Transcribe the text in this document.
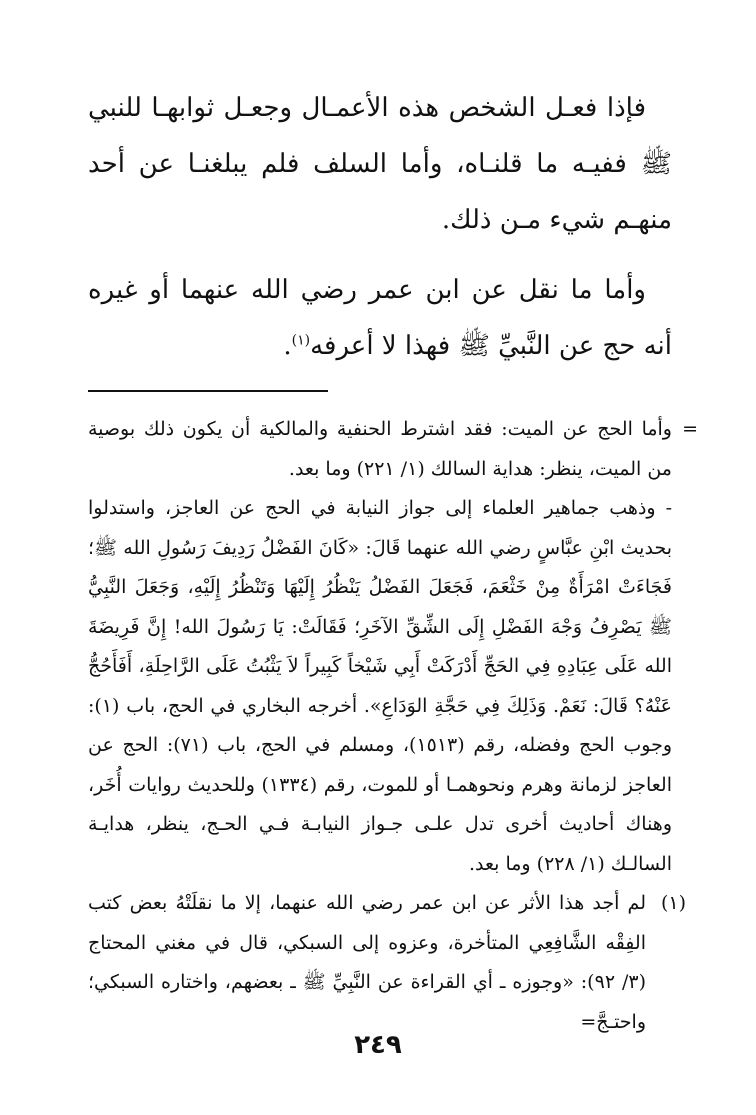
فإذا فعـل الشخص هذه الأعمـال وجعـل ثوابهـا للنبي ﷺ ففيـه ما قلنـاه، وأما السلف فلم يبلغنـا عن أحد منهـم شيء مـن ذلك.

وأما ما نقل عن ابن عمر رضي الله عنهما أو غيره أنه حج عن النَّبيِّ ﷺ فهذا لا أعرفه$^{(١)}$.

=
وأما الحج عن الميت: فقد اشترط الحنفية والمالكية أن يكون ذلك بوصية من الميت، ينظر: هداية السالك (١/ ٢٢١) وما بعد.

- وذهب جماهير العلماء إلى جواز النيابة في الحج عن العاجز، واستدلوا بحديث ابْنِ عبَّاسٍ رضي الله عنهما قَالَ: «كَانَ الفَضْلُ رَدِيفَ رَسُولِ الله ﷺ؛ فَجَاءَتْ امْرَأَةٌ مِنْ خَثْعَمَ، فَجَعَلَ الفَضْلُ يَنْظُرُ إِلَيْهَا وَتَنْظُرُ إِلَيْهِ، وَجَعَلَ النَّبِيُّ ﷺ يَصْرِفُ وَجْهَ الفَضْلِ إِلَى الشِّقِّ الآخَرِ؛ فَقَالَتْ: يَا رَسُولَ الله! إِنَّ فَرِيضَةَ الله عَلَى عِبَادِهِ فِي الحَجِّ أَدْرَكَتْ أَبِي شَيْخاً كَبِيراً لاَ يَثْبُتُ عَلَى الرَّاحِلَةِ، أَفَأَحُجُّ عَنْهُ؟ قَالَ: نَعَمْ. وَذَلِكَ فِي حَجَّةِ الوَدَاعِ». أخرجه البخاري في الحج، باب (١): وجوب الحج وفضله، رقم (١٥١٣)، ومسلم في الحج، باب (٧١): الحج عن العاجز لزمانة وهرم ونحوهمـا أو للموت، رقم (١٣٣٤) وللحديث روايات أُخَر، وهناك أحاديث أخرى تدل علـى جـواز النيابـة فـي الحـج، ينظر، هدايـة السالـك (١/ ٢٢٨) وما بعد.

(١)
لم أجد هذا الأثر عن ابن عمر رضي الله عنهما، إلا ما نقلَتْهُ بعض كتب الفِقْه الشَّافِعِي المتأخرة، وعزوه إلى السبكي، قال في مغني المحتاج (٣/ ٩٢): «وجوزه ـ أي القراءة عن النَّبِيِّ ﷺ ـ بعضهم، واختاره السبكي؛ واحتـجَّ=

٢٤٩
